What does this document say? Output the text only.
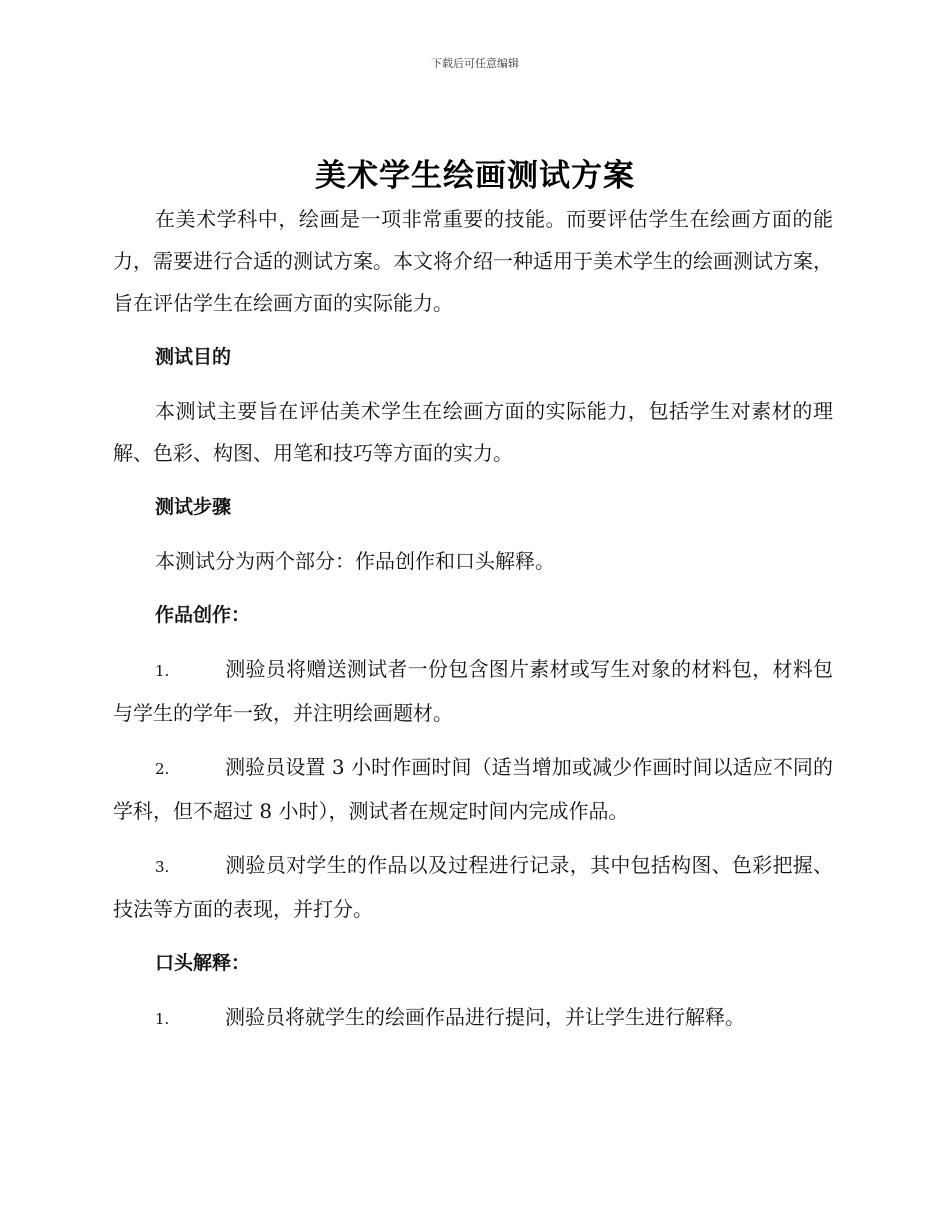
下载后可任意编辑
美术学生绘画测试方案

在美术学科中，绘画是一项非常重要的技能。而要评估学生在绘画方面的能力，需要进行合适的测试方案。本文将介绍一种适用于美术学生的绘画测试方案，旨在评估学生在绘画方面的实际能力。

测试目的

本测试主要旨在评估美术学生在绘画方面的实际能力，包括学生对素材的理解、色彩、构图、用笔和技巧等方面的实力。

测试步骤

本测试分为两个部分：作品创作和口头解释。

作品创作：

1.	测验员将赠送测试者一份包含图片素材或写生对象的材料包，材料包与学生的学年一致，并注明绘画题材。

2.	测验员设置 3 小时作画时间（适当增加或减少作画时间以适应不同的学科，但不超过 8 小时），测试者在规定时间内完成作品。

3.	测验员对学生的作品以及过程进行记录，其中包括构图、色彩把握、技法等方面的表现，并打分。

口头解释：

1.	测验员将就学生的绘画作品进行提问，并让学生进行解释。
